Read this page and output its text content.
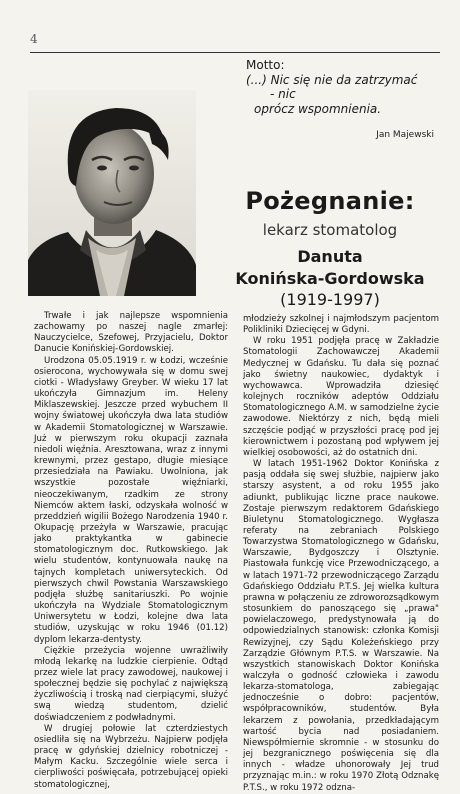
4
Motto:
(...) Nic się nie da zatrzymać
- nic
oprócz wspomnienia.
Jan Majewski
Pożegnanie:
lekarz stomatolog
Danuta
Konińska-Gordowska
(1919-1997)

Trwałe i jak najlepsze wspomnienia zachowamy po naszej nagle zmarłej: Nauczycielce, Szefowej, Przyjacielu, Doktor Danucie Konińskiej-Gordowskiej.

Urodzona 05.05.1919 r. w Łodzi, wcześnie osierocona, wychowywała się w domu swej ciotki - Władysławy Greyber. W wieku 17 lat ukończyła Gimnazjum im. Heleny Miklaszewskiej. Jeszcze przed wybuchem II wojny światowej ukończyła dwa lata studiów w Akademii Stomatologicznej w Warszawie. Już w pierwszym roku okupacji zaznała niedoli więźnia. Aresztowana, wraz z innymi krewnymi, przez gestapo, długie miesiące przesiedziała na Pawiaku. Uwolniona, jak wszystkie pozostałe więźniarki, nieoczekiwanym, rzadkim ze strony Niemców aktem łaski, odzyskała wolność w przeddzień wigilii Bożego Narodzenia 1940 r. Okupację przeżyła w Warszawie, pracując jako praktykantka w gabinecie stomatologicznym doc. Rutkowskiego. Jak wielu studentów, kontynuowała naukę na tajnych kompletach uniwersyteckich. Od pierwszych chwil Powstania Warszawskiego podjęła służbę sanitariuszki. Po wojnie ukończyła na Wydziale Stomatologicznym Uniwersytetu w Łodzi, kolejne dwa lata studiów, uzyskując w roku 1946 (01.12) dyplom lekarza-dentysty.

Ciężkie przeżycia wojenne uwrażliwiły młodą lekarkę na ludzkie cierpienie. Odtąd przez wiele lat pracy zawodowej, naukowej i społecznej będzie się pochylać z największą życzliwością i troską nad cierpiącymi, służyć swą wiedzą studentom, dzielić doświadczeniem z podwładnymi.

W drugiej połowie lat czterdziestych osiedliła się na Wybrzeżu. Najpierw podjęła pracę w gdyńskiej dzielnicy robotniczej - Małym Kacku. Szczególnie wiele serca i cierpliwości poświęcała, potrzebującej opieki stomatologicznej,

młodzieży szkolnej i najmłodszym pacjentom Polikliniki Dziecięcej w Gdyni.

W roku 1951 podjęła pracę w Zakładzie Stomatologii Zachowawczej Akademii Medycznej w Gdańsku. Tu dała się poznać jako świetny naukowiec, dydaktyk i wychowawca. Wprowadziła dziesięć kolejnych roczników adeptów Oddziału Stomatologicznego A.M. w samodzielne życie zawodowe. Niektórzy z nich, będą mieli szczęście podjąć w przyszłości pracę pod jej kierownictwem i pozostaną pod wpływem jej wielkiej osobowości, aż do ostatnich dni.

W latach 1951-1962 Doktor Konińska z pasją oddała się swej służbie, najpierw jako starszy asystent, a od roku 1955 jako adiunkt, publikując liczne prace naukowe. Zostaje pierwszym redaktorem Gdańskiego Biuletynu Stomatologicznego. Wygłasza referaty na zebraniach Polskiego Towarzystwa Stomatologicznego w Gdańsku, Warszawie, Bydgoszczy i Olsztynie. Piastowała funkcję vice Przewodniczącego, a w latach 1971-72 przewodniczącego Zarządu Gdańskiego Oddziału P.T.S. Jej wielka kultura prawna w połączeniu ze zdroworozsądkowym stosunkiem do panoszącego się „prawa" powielaczowego, predystynowała ją do odpowiedzialnych stanowisk: członka Komisji Rewizyjnej, czy Sądu Koleżeńskiego przy Zarządzie Głównym P.T.S. w Warszawie. Na wszystkich stanowiskach Doktor Konińska walczyła o godność człowieka i zawodu lekarza-stomatologa, zabiegając jednocześnie o dobro: pacjentów, współpracowników, studentów. Była lekarzem z powołania, przedkładającym wartość bycia nad posiadaniem. Niewspółmiernie skromnie - w stosunku do jej bezgranicznego poświęcenia się dla innych - władze uhonorowały Jej trud przyznając m.in.: w roku 1970 Złotą Odznakę P.T.S., w roku 1972 odzna-
